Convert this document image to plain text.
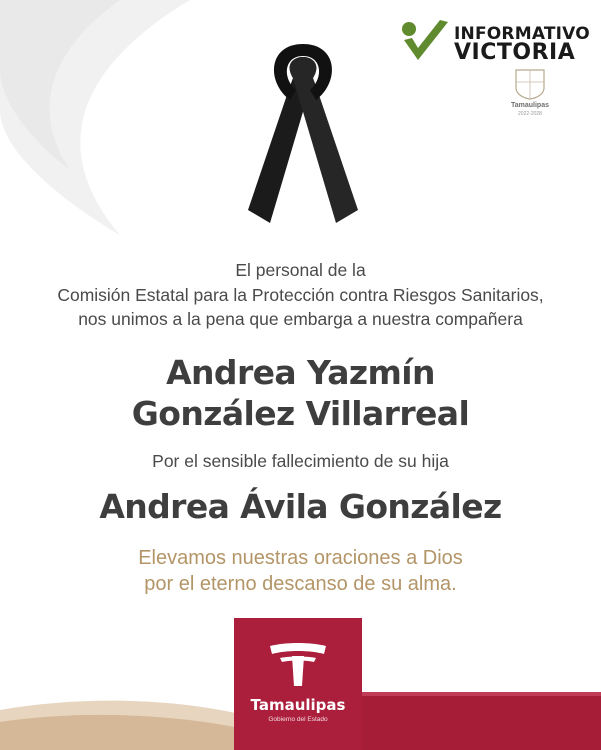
INFORMATIVO
VICTORIA
Tamaulipas
2022-2028
El personal de la
Comisión Estatal para la Protección contra Riesgos Sanitarios,
nos unimos a la pena que embarga a nuestra compañera
Andrea Yazmín
González Villarreal
Por el sensible fallecimiento de su hija
Andrea Ávila González
Elevamos nuestras oraciones a Dios
por el eterno descanso de su alma.
Tamaulipas
Gobierno del Estado
